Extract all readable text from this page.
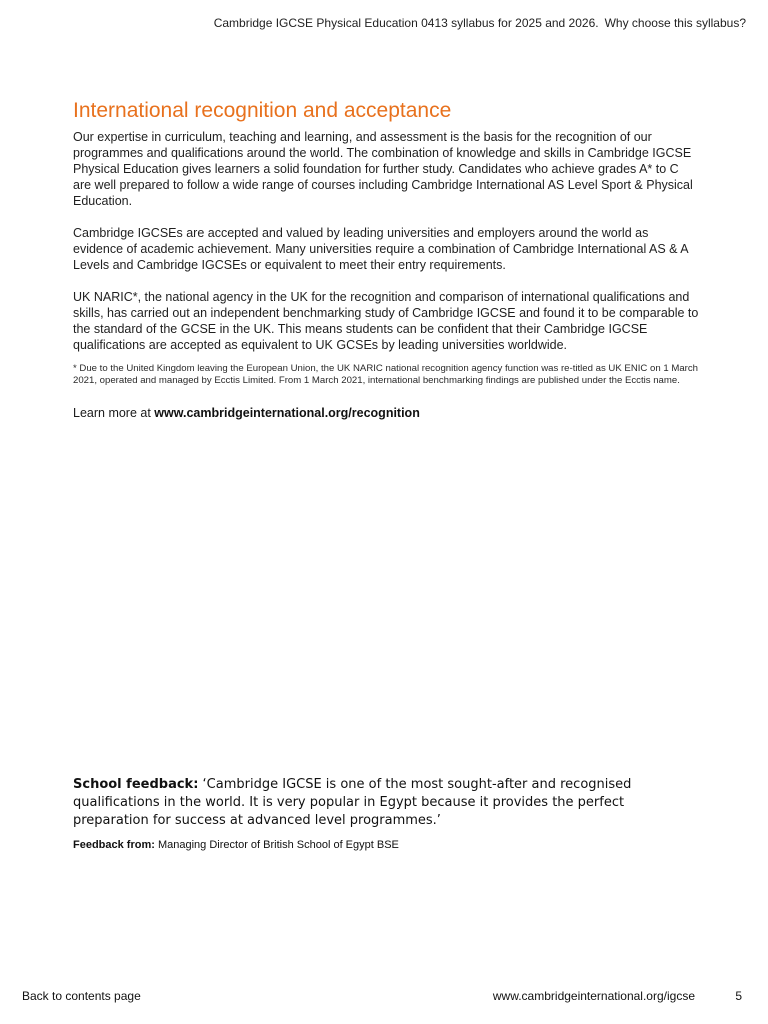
Cambridge IGCSE Physical Education 0413 syllabus for 2025 and 2026. Why choose this syllabus?
International recognition and acceptance

Our expertise in curriculum, teaching and learning, and assessment is the basis for the recognition of our programmes and qualifications around the world. The combination of knowledge and skills in Cambridge IGCSE Physical Education gives learners a solid foundation for further study. Candidates who achieve grades A* to C are well prepared to follow a wide range of courses including Cambridge International AS Level Sport & Physical Education.

Cambridge IGCSEs are accepted and valued by leading universities and employers around the world as evidence of academic achievement. Many universities require a combination of Cambridge International AS & A Levels and Cambridge IGCSEs or equivalent to meet their entry requirements.

UK NARIC*, the national agency in the UK for the recognition and comparison of international qualifications and skills, has carried out an independent benchmarking study of Cambridge IGCSE and found it to be comparable to the standard of the GCSE in the UK. This means students can be confident that their Cambridge IGCSE qualifications are accepted as equivalent to UK GCSEs by leading universities worldwide.

* Due to the United Kingdom leaving the European Union, the UK NARIC national recognition agency function was re-titled as UK ENIC on 1 March 2021, operated and managed by Ecctis Limited. From 1 March 2021, international benchmarking findings are published under the Ecctis name.

Learn more at www.cambridgeinternational.org/recognition

School feedback: ‘Cambridge IGCSE is one of the most sought-after and recognised qualifications in the world. It is very popular in Egypt because it provides the perfect preparation for success at advanced level programmes.’

Feedback from: Managing Director of British School of Egypt BSE

Back to contents page	www.cambridgeinternational.org/igcse	5
